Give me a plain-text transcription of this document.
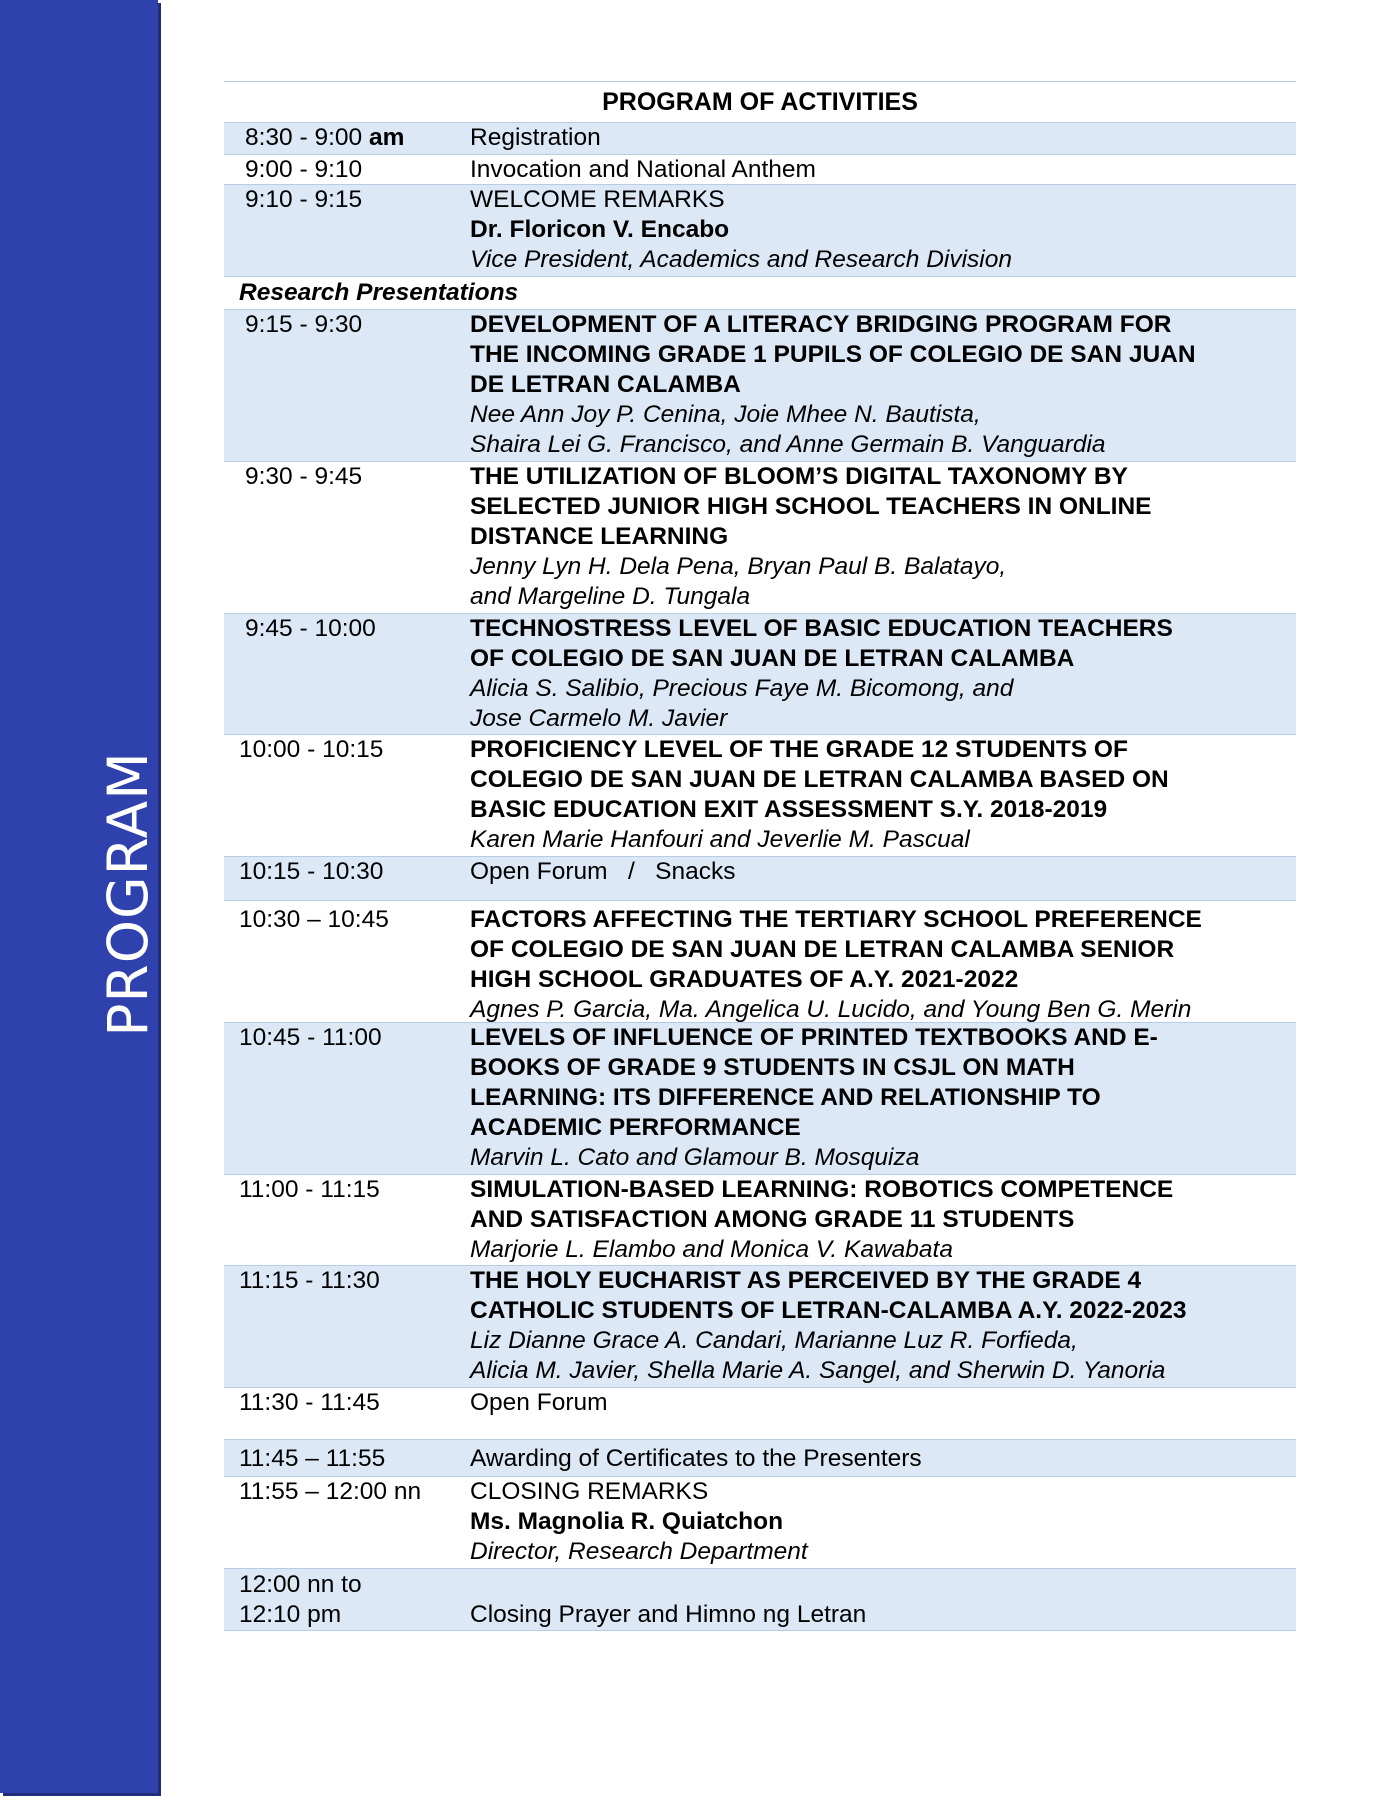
PROGRAM
PROGRAM OF ACTIVITIES
8:30 - 9:00 am	Registration
9:00 - 9:10	Invocation and National Anthem
9:10 - 9:15	WELCOME REMARKS
Dr. Floricon V. Encabo
Vice President, Academics and Research Division
Research Presentations
9:15 - 9:30	DEVELOPMENT OF A LITERACY BRIDGING PROGRAM FOR
THE INCOMING GRADE 1 PUPILS OF COLEGIO DE SAN JUAN
DE LETRAN CALAMBA
Nee Ann Joy P. Cenina, Joie Mhee N. Bautista,
Shaira Lei G. Francisco, and Anne Germain B. Vanguardia
9:30 - 9:45	THE UTILIZATION OF BLOOM’S DIGITAL TAXONOMY BY
SELECTED JUNIOR HIGH SCHOOL TEACHERS IN ONLINE
DISTANCE LEARNING
Jenny Lyn H. Dela Pena, Bryan Paul B. Balatayo,
and Margeline D. Tungala
9:45 - 10:00	TECHNOSTRESS LEVEL OF BASIC EDUCATION TEACHERS
OF COLEGIO DE SAN JUAN DE LETRAN CALAMBA
Alicia S. Salibio, Precious Faye M. Bicomong, and
Jose Carmelo M. Javier
10:00 - 10:15	PROFICIENCY LEVEL OF THE GRADE 12 STUDENTS OF
COLEGIO DE SAN JUAN DE LETRAN CALAMBA BASED ON
BASIC EDUCATION EXIT ASSESSMENT S.Y. 2018-2019
Karen Marie Hanfouri and Jeverlie M. Pascual
10:15 - 10:30	Open Forum   /   Snacks
10:30 – 10:45	FACTORS AFFECTING THE TERTIARY SCHOOL PREFERENCE
OF COLEGIO DE SAN JUAN DE LETRAN CALAMBA SENIOR
HIGH SCHOOL GRADUATES OF A.Y. 2021-2022
Agnes P. Garcia, Ma. Angelica U. Lucido, and Young Ben G. Merin
10:45 - 11:00	LEVELS OF INFLUENCE OF PRINTED TEXTBOOKS AND E-
BOOKS OF GRADE 9 STUDENTS IN CSJL ON MATH
LEARNING: ITS DIFFERENCE AND RELATIONSHIP TO
ACADEMIC PERFORMANCE
Marvin L. Cato and Glamour B. Mosquiza
11:00 - 11:15	SIMULATION-BASED LEARNING: ROBOTICS COMPETENCE
AND SATISFACTION AMONG GRADE 11 STUDENTS
Marjorie L. Elambo and Monica V. Kawabata
11:15 - 11:30	THE HOLY EUCHARIST AS PERCEIVED BY THE GRADE 4
CATHOLIC STUDENTS OF LETRAN-CALAMBA A.Y. 2022-2023
Liz Dianne Grace A. Candari, Marianne Luz R. Forfieda,
Alicia M. Javier, Shella Marie A. Sangel, and Sherwin D. Yanoria
11:30 - 11:45	Open Forum
11:45 – 11:55	Awarding of Certificates to the Presenters
11:55 – 12:00 nn	CLOSING REMARKS
Ms. Magnolia R. Quiatchon
Director, Research Department
12:00 nn to
12:10 pm	Closing Prayer and Himno ng Letran
